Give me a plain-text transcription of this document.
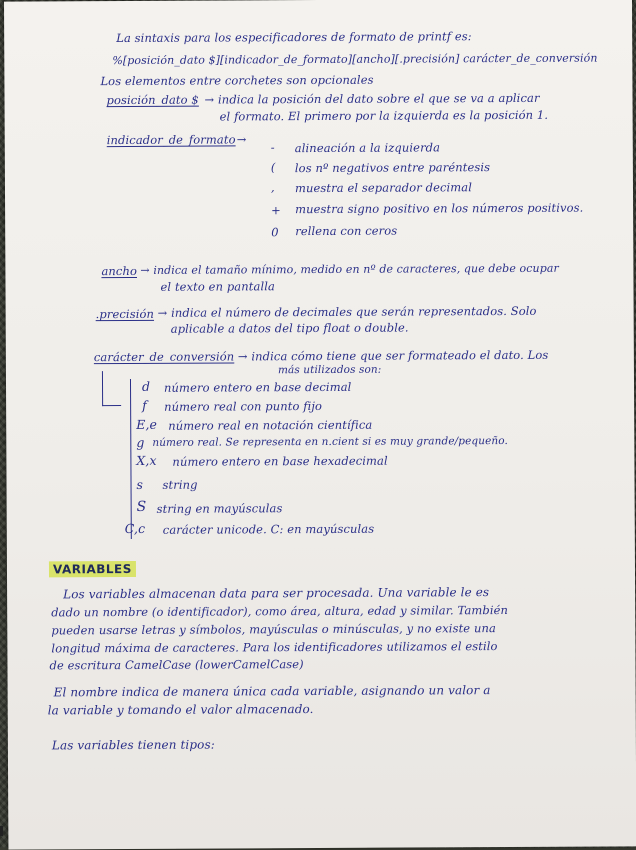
La sintaxis para los especificadores de formato de printf es:
%[posición_dato $][indicador_de_formato][ancho][.precisión] carácter_de_conversión
Los elementos entre corchetes son opcionales
posición_dato $ → indica la posición del dato sobre el que se va a aplicar
el formato. El primero por la izquierda es la posición 1.
indicador_de_formato →
- alineación a la izquierda
( los nº negativos entre paréntesis
, muestra el separador decimal
+ muestra signo positivo en los números positivos.
0 rellena con ceros
ancho → indica el tamaño mínimo, medido en nº de caracteres, que debe ocupar
el texto en pantalla
.precisión → indica el número de decimales que serán representados. Solo
aplicable a datos del tipo float o double.
carácter_de_conversión → indica cómo tiene que ser formateado el dato. Los
más utilizados son:
d número entero en base decimal
f número real con punto fijo
E,e número real en notación científica
g número real. Se representa en n.cient si es muy grande/pequeño.
X,x número entero en base hexadecimal
s string
S string en mayúsculas
C,c carácter unicode. C: en mayúsculas
VARIABLES
Los variables almacenan data para ser procesada. Una variable le es
dado un nombre (o identificador), como área, altura, edad y similar. También
pueden usarse letras y símbolos, mayúsculas o minúsculas, y no existe una
longitud máxima de caracteres. Para los identificadores utilizamos el estilo
de escritura CamelCase (lowerCamelCase)
El nombre indica de manera única cada variable, asignando un valor a
la variable y tomando el valor almacenado.
Las variables tienen tipos:
